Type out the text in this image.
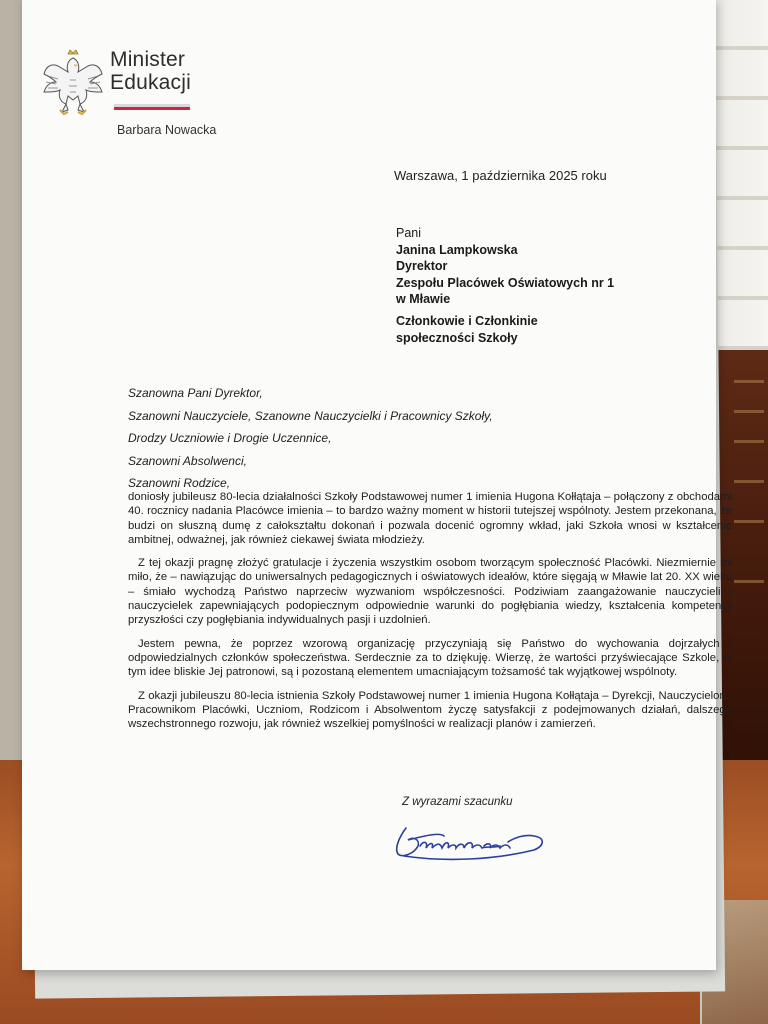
Minister
Edukacji
Barbara Nowacka
Warszawa, 1 października 2025 roku
Pani
Janina Lampkowska
Dyrektor
Zespołu Placówek Oświatowych nr 1
w Mławie
Członkowie i Członkinie
społeczności Szkoły
Szanowna Pani Dyrektor,
Szanowni Nauczyciele, Szanowne Nauczycielki i Pracownicy Szkoły,
Drodzy Uczniowie i Drogie Uczennice,
Szanowni Absolwenci,
Szanowni Rodzice,

doniosły jubileusz 80-lecia działalności Szkoły Podstawowej numer 1 imienia Hugona Kołłątaja – połączony z obchodami 40. rocznicy nadania Placówce imienia – to bardzo ważny moment w historii tutejszej wspólnoty. Jestem przekonana, że budzi on słuszną dumę z całokształtu dokonań i pozwala docenić ogromny wkład, jaki Szkoła wnosi w kształcenie ambitnej, odważnej, jak również ciekawej świata młodzieży.

Z tej okazji pragnę złożyć gratulacje i życzenia wszystkim osobom tworzącym społeczność Placówki. Niezmiernie mi miło, że – nawiązując do uniwersalnych pedagogicznych i oświatowych ideałów, które sięgają w Mławie lat 20. XX wieku – śmiało wychodzą Państwo naprzeciw wyzwaniom współczesności. Podziwiam zaangażowanie nauczycieli i nauczycielek zapewniających podopiecznym odpowiednie warunki do pogłębiania wiedzy, kształcenia kompetencji przyszłości czy pogłębiania indywidualnych pasji i uzdolnień.

Jestem pewna, że poprzez wzorową organizację przyczyniają się Państwo do wychowania dojrzałych i odpowiedzialnych członków społeczeństwa. Serdecznie za to dziękuję. Wierzę, że wartości przyświecające Szkole, w tym idee bliskie Jej patronowi, są i pozostaną elementem umacniającym tożsamość tak wyjątkowej wspólnoty.

Z okazji jubileuszu 80-lecia istnienia Szkoły Podstawowej numer 1 imienia Hugona Kołłątaja – Dyrekcji, Nauczycielom, Pracownikom Placówki, Uczniom, Rodzicom i Absolwentom życzę satysfakcji z podejmowanych działań, dalszego wszechstronnego rozwoju, jak również wszelkiej pomyślności w realizacji planów i zamierzeń.

Z wyrazami szacunku
